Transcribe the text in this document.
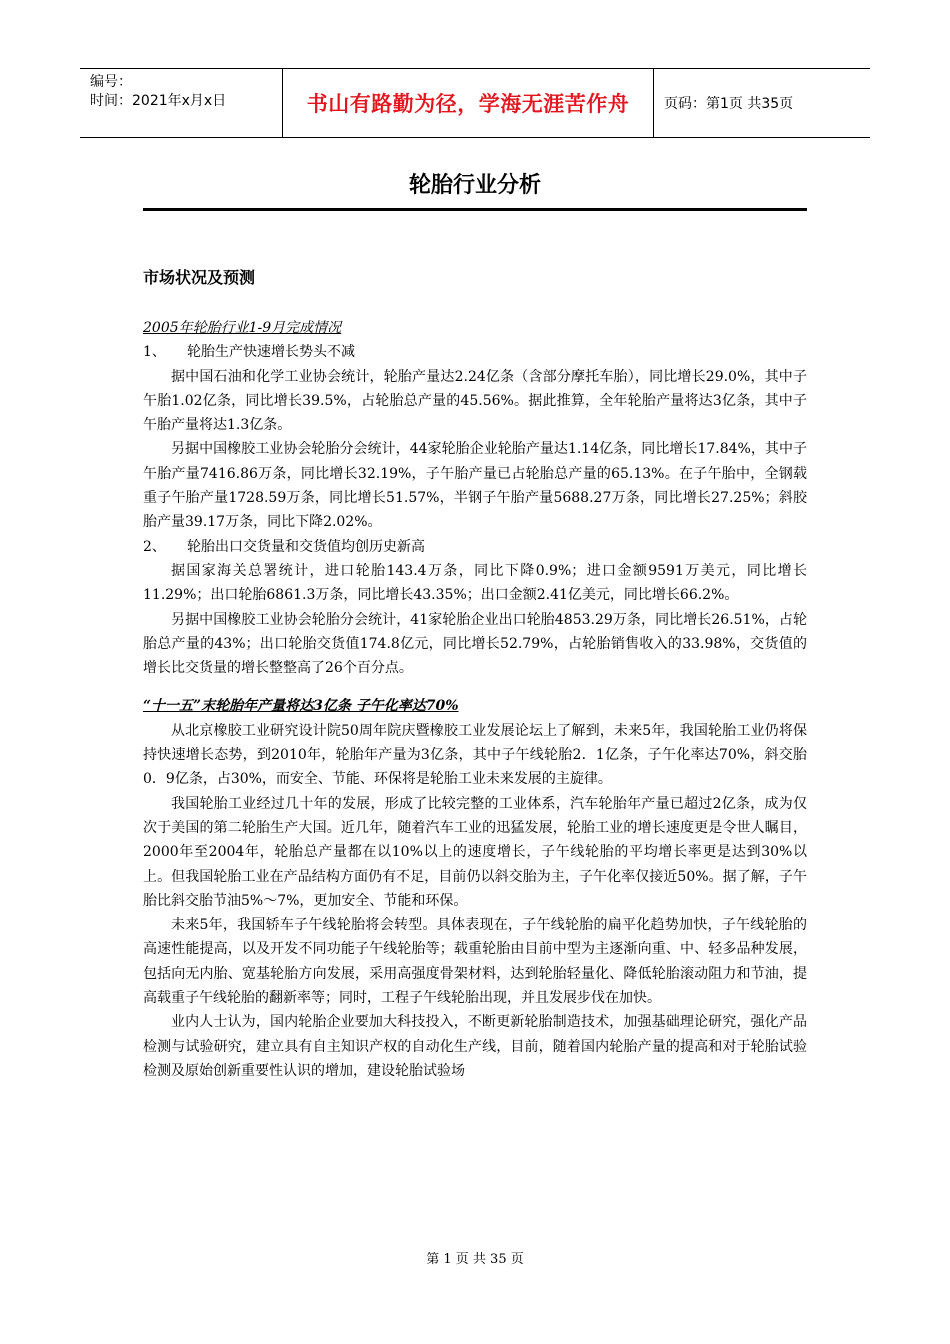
编号：
时间：2021年x月x日	书山有路勤为径，学海无涯苦作舟	页码：第1页 共35页
轮胎行业分析
市场状况及预测

2005年轮胎行业1-9月完成情况

1、 轮胎生产快速增长势头不减

据中国石油和化学工业协会统计，轮胎产量达2.24亿条（含部分摩托车胎），同比增长29.0%，其中子午胎1.02亿条，同比增长39.5%，占轮胎总产量的45.56%。据此推算，全年轮胎产量将达3亿条，其中子午胎产量将达1.3亿条。

另据中国橡胶工业协会轮胎分会统计，44家轮胎企业轮胎产量达1.14亿条，同比增长17.84%，其中子午胎产量7416.86万条，同比增长32.19%，子午胎产量已占轮胎总产量的65.13%。在子午胎中，全钢载重子午胎产量1728.59万条，同比增长51.57%，半钢子午胎产量5688.27万条，同比增长27.25%；斜胶胎产量39.17万条，同比下降2.02%。

2、 轮胎出口交货量和交货值均创历史新高

据国家海关总署统计，进口轮胎143.4万条，同比下降0.9%；进口金额9591万美元，同比增长11.29%；出口轮胎6861.3万条，同比增长43.35%；出口金额2.41亿美元，同比增长66.2%。

另据中国橡胶工业协会轮胎分会统计，41家轮胎企业出口轮胎4853.29万条，同比增长26.51%，占轮胎总产量的43%；出口轮胎交货值174.8亿元，同比增长52.79%，占轮胎销售收入的33.98%，交货值的增长比交货量的增长整整高了26个百分点。

“十一五”末轮胎年产量将达3亿条 子午化率达70%

从北京橡胶工业研究设计院50周年院庆暨橡胶工业发展论坛上了解到，未来5年，我国轮胎工业仍将保持快速增长态势，到2010年，轮胎年产量为3亿条，其中子午线轮胎2．1亿条，子午化率达70%，斜交胎0．9亿条，占30%，而安全、节能、环保将是轮胎工业未来发展的主旋律。

我国轮胎工业经过几十年的发展，形成了比较完整的工业体系，汽车轮胎年产量已超过2亿条，成为仅次于美国的第二轮胎生产大国。近几年，随着汽车工业的迅猛发展，轮胎工业的增长速度更是令世人瞩目，2000年至2004年，轮胎总产量都在以10%以上的速度增长，子午线轮胎的平均增长率更是达到30%以上。但我国轮胎工业在产品结构方面仍有不足，目前仍以斜交胎为主，子午化率仅接近50%。据了解，子午胎比斜交胎节油5%～7%，更加安全、节能和环保。

未来5年，我国轿车子午线轮胎将会转型。具体表现在，子午线轮胎的扁平化趋势加快，子午线轮胎的高速性能提高，以及开发不同功能子午线轮胎等；载重轮胎由目前中型为主逐渐向重、中、轻多品种发展，包括向无内胎、宽基轮胎方向发展，采用高强度骨架材料，达到轮胎轻量化、降低轮胎滚动阻力和节油，提高载重子午线轮胎的翻新率等；同时，工程子午线轮胎出现，并且发展步伐在加快。

业内人士认为，国内轮胎企业要加大科技投入，不断更新轮胎制造技术，加强基础理论研究，强化产品检测与试验研究，建立具有自主知识产权的自动化生产线，目前，随着国内轮胎产量的提高和对于轮胎试验检测及原始创新重要性认识的增加，建设轮胎试验场

第 1 页 共 35 页
